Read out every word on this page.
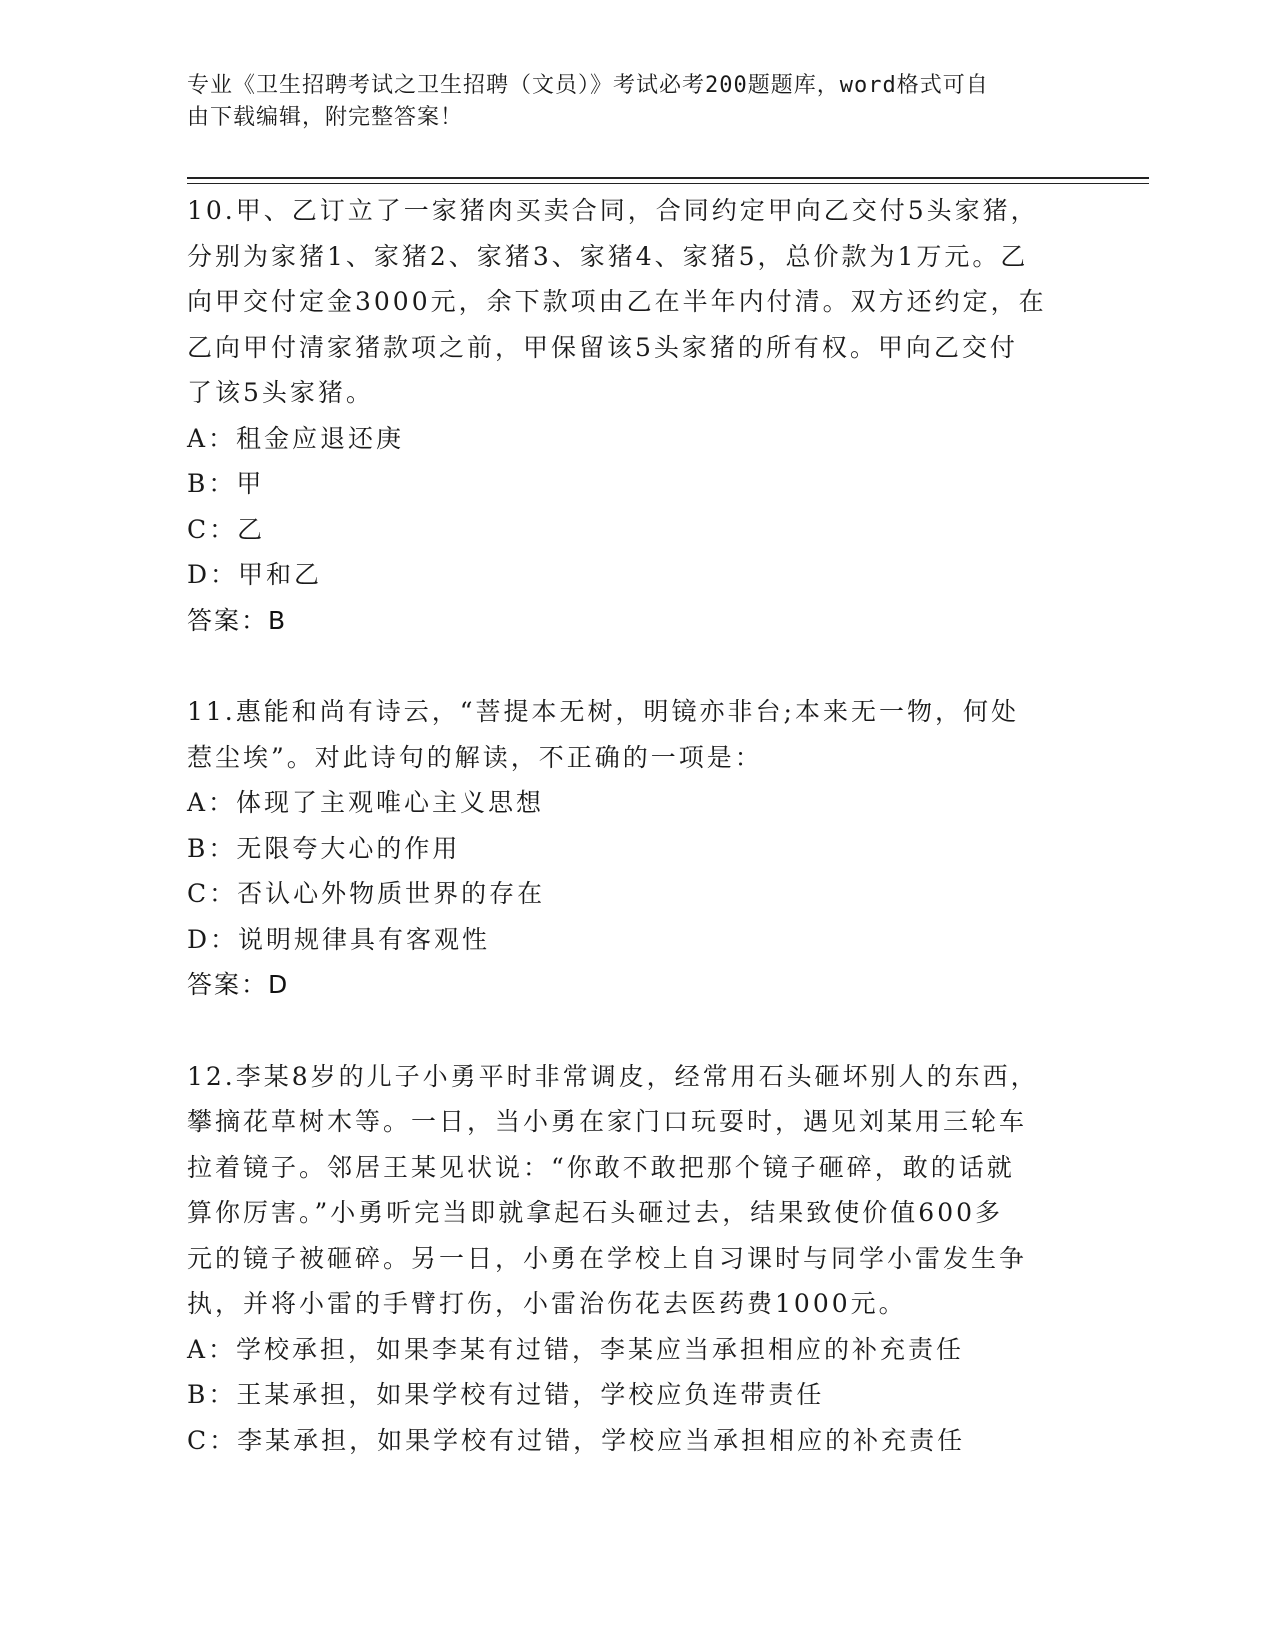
专业《卫生招聘考试之卫生招聘（文员）》考试必考200题题库，word格式可自
由下载编辑，附完整答案！

10.甲、乙订立了一家猪肉买卖合同，合同约定甲向乙交付5头家猪，

分别为家猪1、家猪2、家猪3、家猪4、家猪5，总价款为1万元。乙

向甲交付定金3000元，余下款项由乙在半年内付清。双方还约定，在

乙向甲付清家猪款项之前，甲保留该5头家猪的所有权。甲向乙交付

了该5头家猪。

A：租金应退还庚

B：甲

C：乙

D：甲和乙

答案：B

11.惠能和尚有诗云，“菩提本无树，明镜亦非台;本来无一物，何处

惹尘埃”。对此诗句的解读，不正确的一项是：

A：体现了主观唯心主义思想

B：无限夸大心的作用

C：否认心外物质世界的存在

D：说明规律具有客观性

答案：D

12.李某8岁的儿子小勇平时非常调皮，经常用石头砸坏别人的东西，

攀摘花草树木等。一日，当小勇在家门口玩耍时，遇见刘某用三轮车

拉着镜子。邻居王某见状说：“你敢不敢把那个镜子砸碎，敢的话就

算你厉害。”小勇听完当即就拿起石头砸过去，结果致使价值600多

元的镜子被砸碎。另一日，小勇在学校上自习课时与同学小雷发生争

执，并将小雷的手臂打伤，小雷治伤花去医药费1000元。

A：学校承担，如果李某有过错，李某应当承担相应的补充责任

B：王某承担，如果学校有过错，学校应负连带责任

C：李某承担，如果学校有过错，学校应当承担相应的补充责任
